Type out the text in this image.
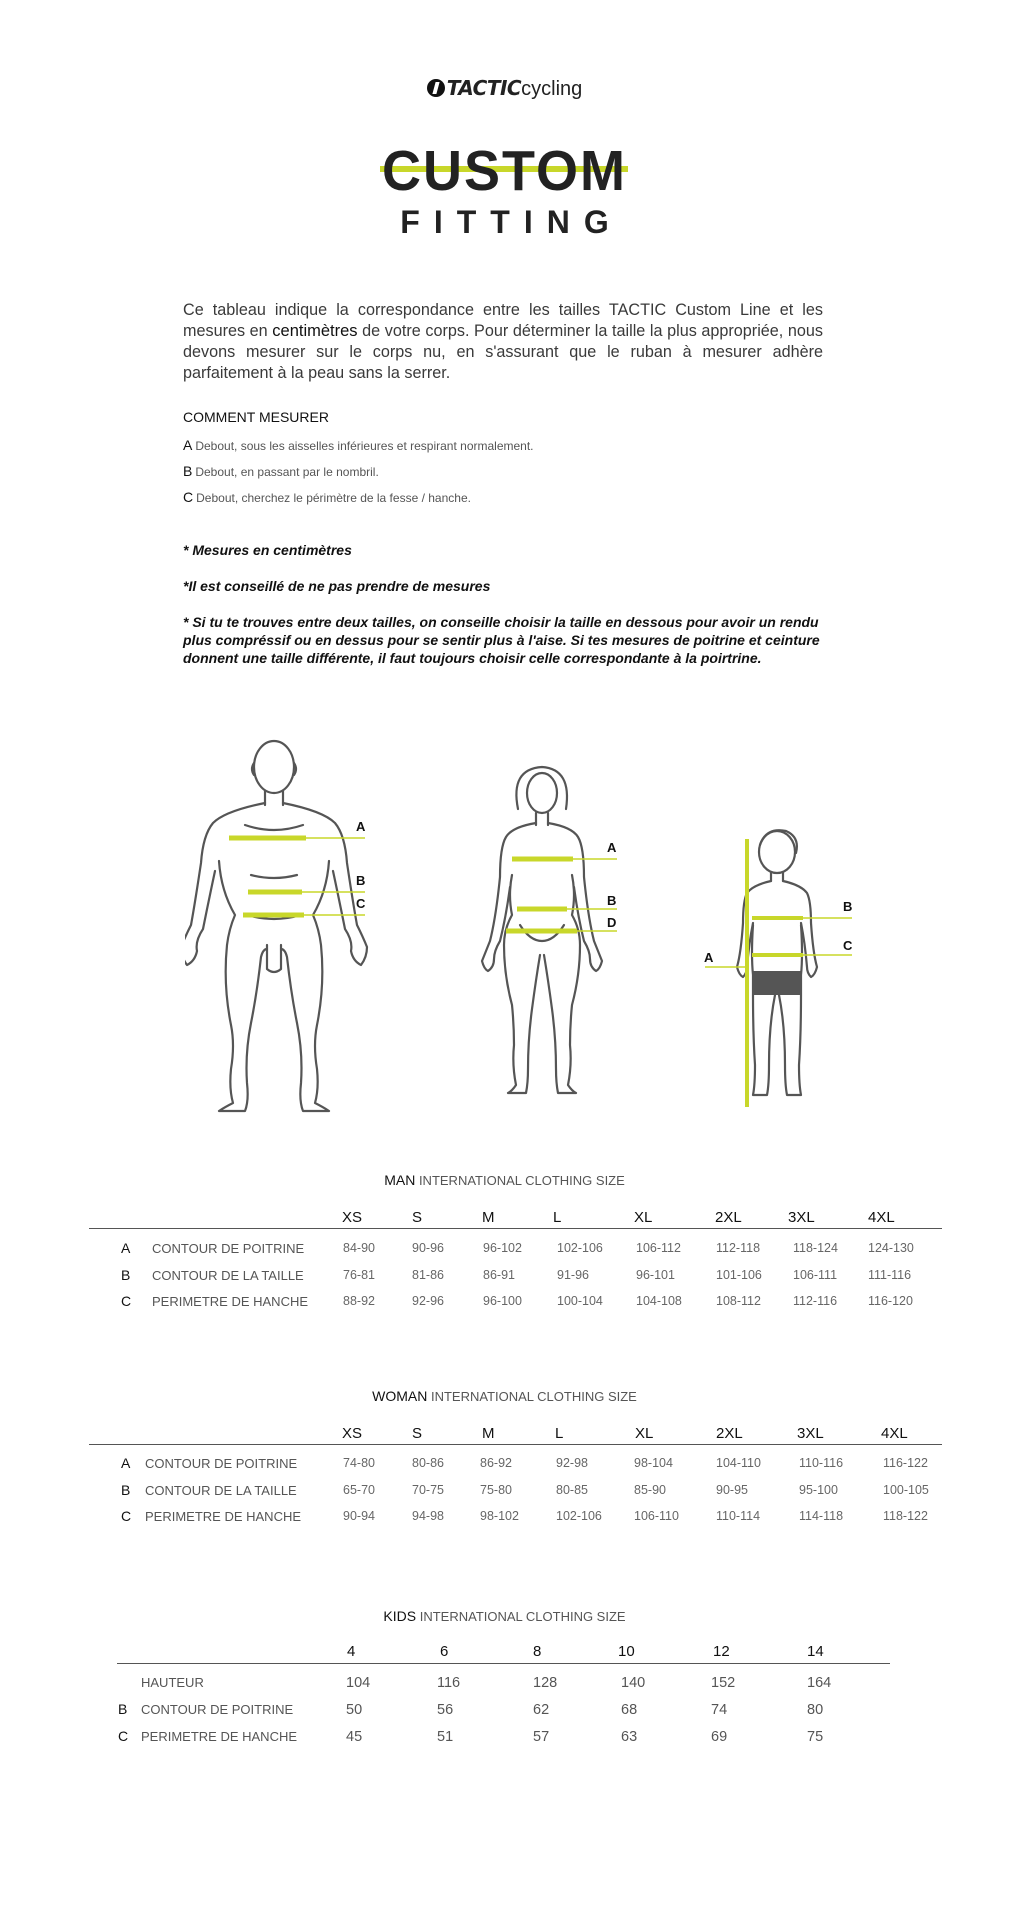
TACTICcycling
CUSTOM
FITTING
Ce tableau indique la correspondance entre les tailles TACTIC Custom Line et les mesures en centimètres de votre corps. Pour déterminer la taille la plus appropriée, nous devons mesurer sur le corps nu, en s'assurant que le ruban à mesurer adhère parfaitement à la peau sans la serrer.
COMMENT MESURER
A Debout, sous les aisselles inférieures et respirant normalement.
B Debout, en passant par le nombril.
C Debout, cherchez le périmètre de la fesse / hanche.
* Mesures en centimètres
*Il est conseillé de ne pas prendre de mesures
* Si tu te trouves entre deux tailles, on conseille choisir la taille en dessous pour avoir un rendu plus compréssif ou en dessus pour se sentir plus à l'aise. Si tes mesures de poitrine et ceinture donnent une taille différente, il faut toujours choisir celle correspondante à la poirtrine.
A
B
C
A
B
D
B
C
A
MAN INTERNATIONAL CLOTHING SIZE
XS	S	M	L	XL	2XL	3XL	4XL
A CONTOUR DE POITRINE	84-90	90-96	96-102	102-106	106-112	112-118	118-124 124-130
B CONTOUR DE LA TAILLE	76-81	81-86	86-91	91-96	96-101	101-106 106-111 111-116
C PERIMETRE DE HANCHE	88-92	92-96	96-100	100-104	104-108	108-112	112-116 116-120
WOMAN INTERNATIONAL CLOTHING SIZE
XS	S	M	L	XL	2XL	3XL	4XL
A CONTOUR DE POITRINE	74-80	80-86	86-92	92-98	98-104	104-110	110-116	116-122
B CONTOUR DE LA TAILLE	65-70	70-75	75-80	80-85	85-90	90-95	95-100	100-105
C PERIMETRE DE HANCHE	90-94	94-98	98-102	102-106	106-110	110-114	114-118	118-122
KIDS INTERNATIONAL CLOTHING SIZE
4	6	8	10	12	14
HAUTEUR	104	116	128	140	152	164
B CONTOUR DE POITRINE	50	56	62	68	74	80
C PERIMETRE DE HANCHE	45	51	57	63	69	75
